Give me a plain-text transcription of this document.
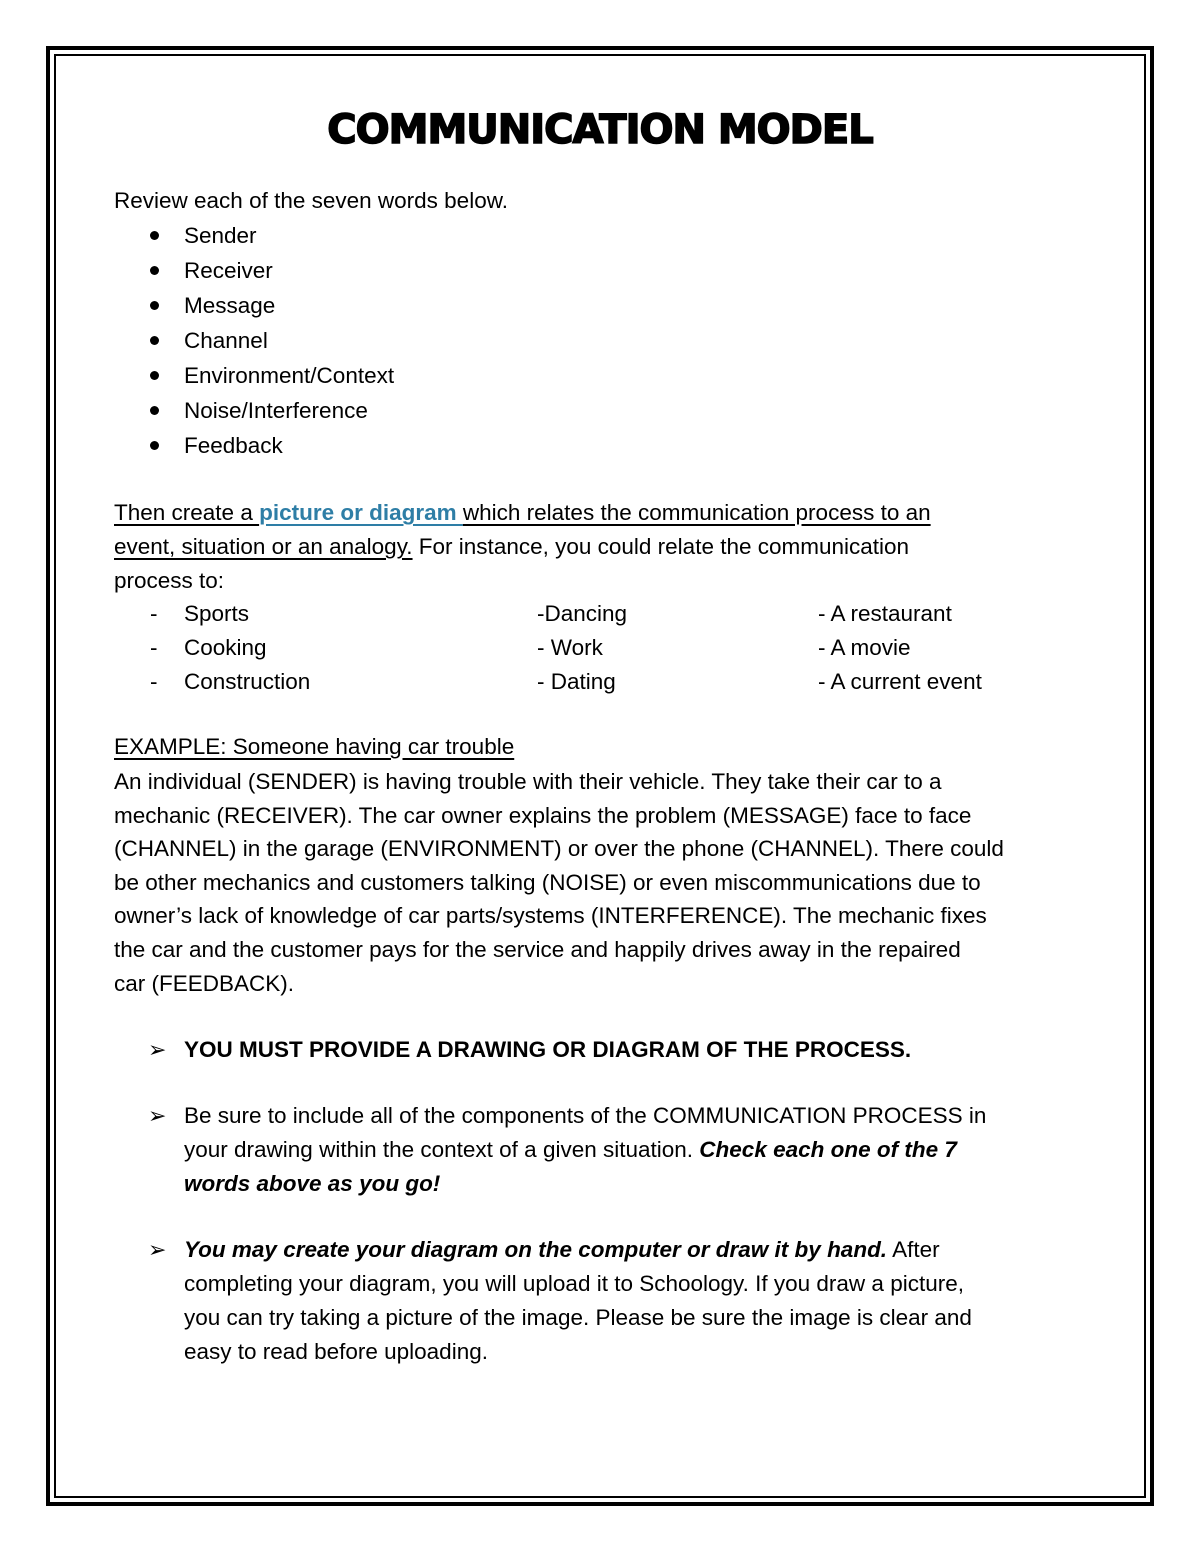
COMMUNICATION MODEL

Review each of the seven words below.

Sender
Receiver
Message
Channel
Environment/Context
Noise/Interference
Feedback

Then create a picture or diagram which relates the communication process to an

event, situation or an analogy. For instance, you could relate the communication

process to:

- Sports	-Dancing	- A restaurant
- Cooking	- Work	- A movie
- Construction	- Dating	- A current event

EXAMPLE: Someone having car trouble

An individual (SENDER) is having trouble with their vehicle. They take their car to a

mechanic (RECEIVER). The car owner explains the problem (MESSAGE) face to face

(CHANNEL) in the garage (ENVIRONMENT) or over the phone (CHANNEL). There could

be other mechanics and customers talking (NOISE) or even miscommunications due to

owner’s lack of knowledge of car parts/systems (INTERFERENCE). The mechanic fixes

the car and the customer pays for the service and happily drives away in the repaired

car (FEEDBACK).

➢ YOU MUST PROVIDE A DRAWING OR DIAGRAM OF THE PROCESS.
➢ Be sure to include all of the components of the COMMUNICATION PROCESS in
your drawing within the context of a given situation. Check each one of the 7
words above as you go!
➢ You may create your diagram on the computer or draw it by hand. After
completing your diagram, you will upload it to Schoology. If you draw a picture,
you can try taking a picture of the image. Please be sure the image is clear and
easy to read before uploading.
